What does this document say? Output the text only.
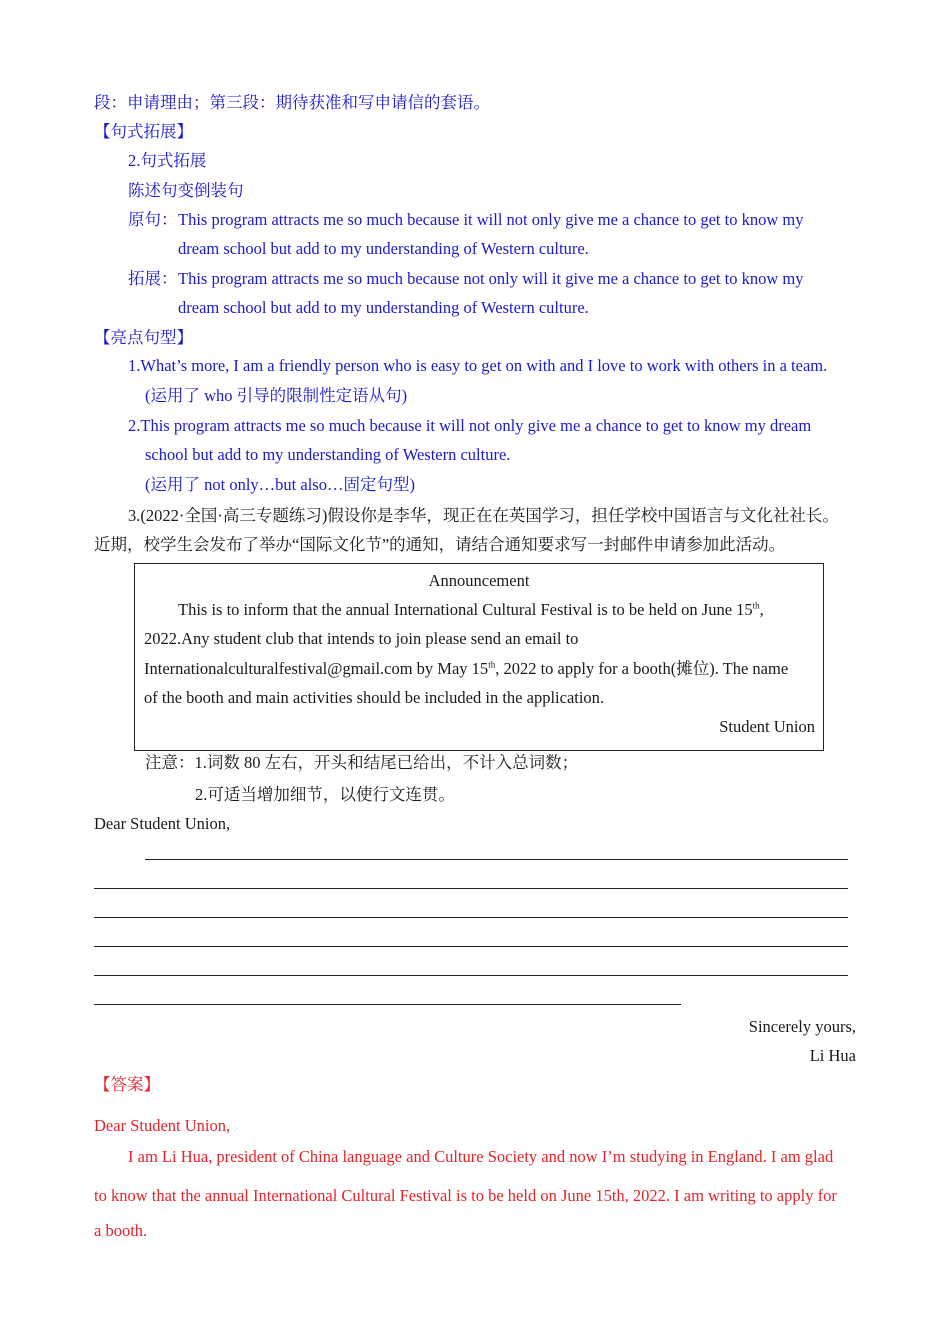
段：申请理由；第三段：期待获准和写申请信的套语。
【句式拓展】
2.句式拓展
陈述句变倒装句
原句： This program attracts me so much because it will not only give me a chance to get to know my
dream school but add to my understanding of Western culture.
拓展： This program attracts me so much because not only will it give me a chance to get to know my
dream school but add to my understanding of Western culture.
【亮点句型】
1.What’s more, I am a friendly person who is easy to get on with and I love to work with others in a team.
(运用了 who 引导的限制性定语从句)
2.This program attracts me so much because it will not only give me a chance to get to know my dream
school but add to my understanding of Western culture.
(运用了 not only…but also…固定句型)
3.(2022·全国·高三专题练习)假设你是李华，现正在在英国学习，担任学校中国语言与文化社社长。
近期，校学生会发布了举办“国际文化节”的通知，请结合通知要求写一封邮件申请参加此活动。
Announcement
This is to inform that the annual International Cultural Festival is to be held on June 15th,
2022.Any student club that intends to join please send an email to
Internationalculturalfestival@gmail.com by May 15th, 2022 to apply for a booth(摊位). The name
of the booth and main activities should be included in the application.
Student Union
注意：1.词数 80 左右，开头和结尾已给出，不计入总词数；
2.可适当增加细节，以使行文连贯。
Dear Student Union,
Sincerely yours,
Li Hua
【答案】
Dear Student Union,
I am Li Hua, president of China language and Culture Society and now I’m studying in England. I am glad
to know that the annual International Cultural Festival is to be held on June 15th, 2022. I am writing to apply for
a booth.
